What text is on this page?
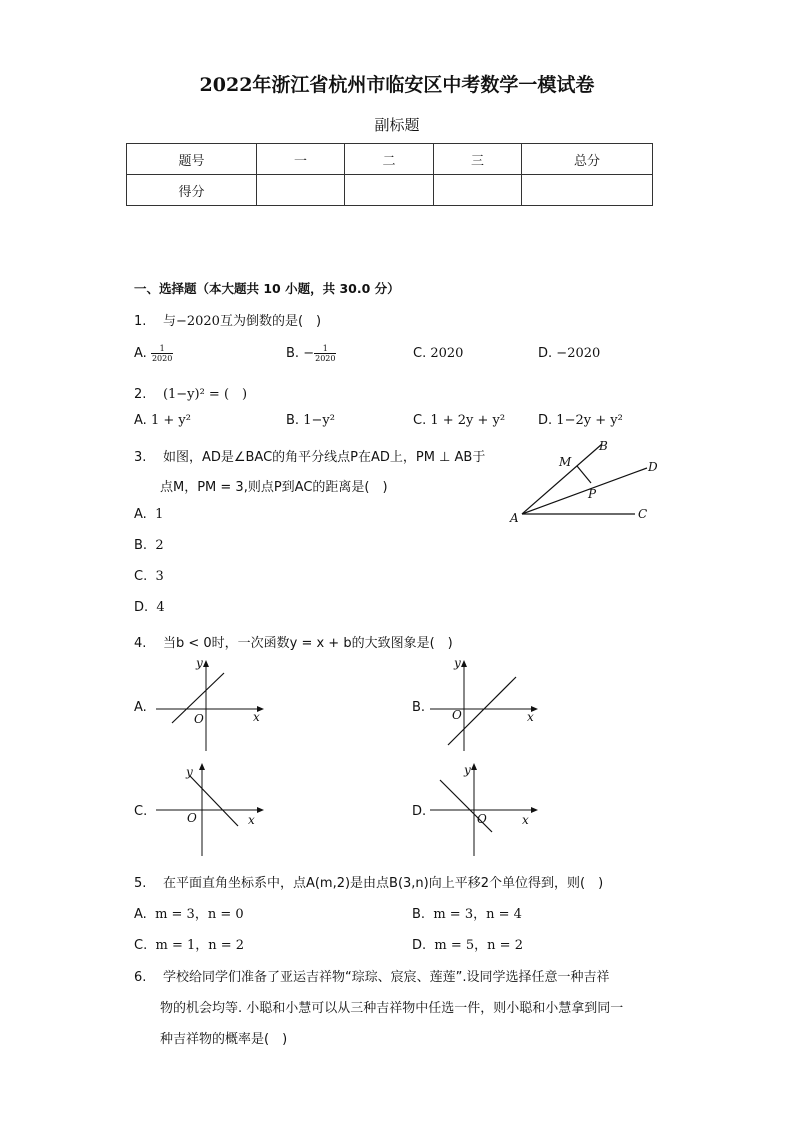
2022年浙江省杭州市临安区中考数学一模试卷
副标题
题号	一	二	三	总分
得分				
一、选择题（本大题共 10 小题，共 30.0 分）
1. 与−2020互为倒数的是(　)
A. $\frac{1}{2020}$	B. − $\frac{1}{2020}$	C. 2020	D. −2020
2. (1−y)² = (　)
A. 1 + y²	B. 1−y²	C. 1 + 2y + y²	D. 1−2y + y²
3. 如图，AD是∠BAC的角平分线点P在AD上，PM ⊥ AB于
点M，PM = 3,则点P到AC的距离是(　)
A. 1
B. 2
C. 3
D. 4
A
B
C
D
M
P
4. 当b < 0时，一次函数y = x + b的大致图象是(　)
A.
O	x
y
B. O	x
y
C.	O	x
y
D.	O	x
y
5. 在平面直角坐标系中，点A(m,2)是由点B(3,n)向上平移2个单位得到，则(　)
A. m = 3，n = 0	B. m = 3，n = 4
C. m = 1，n = 2	D. m = 5，n = 2
6. 学校给同学们准备了亚运吉祥物“琮琮、宸宸、莲莲”.设同学选择任意一种吉祥
物的机会均等. 小聪和小慧可以从三种吉祥物中任选一件，则小聪和小慧拿到同一
种吉祥物的概率是(　)
